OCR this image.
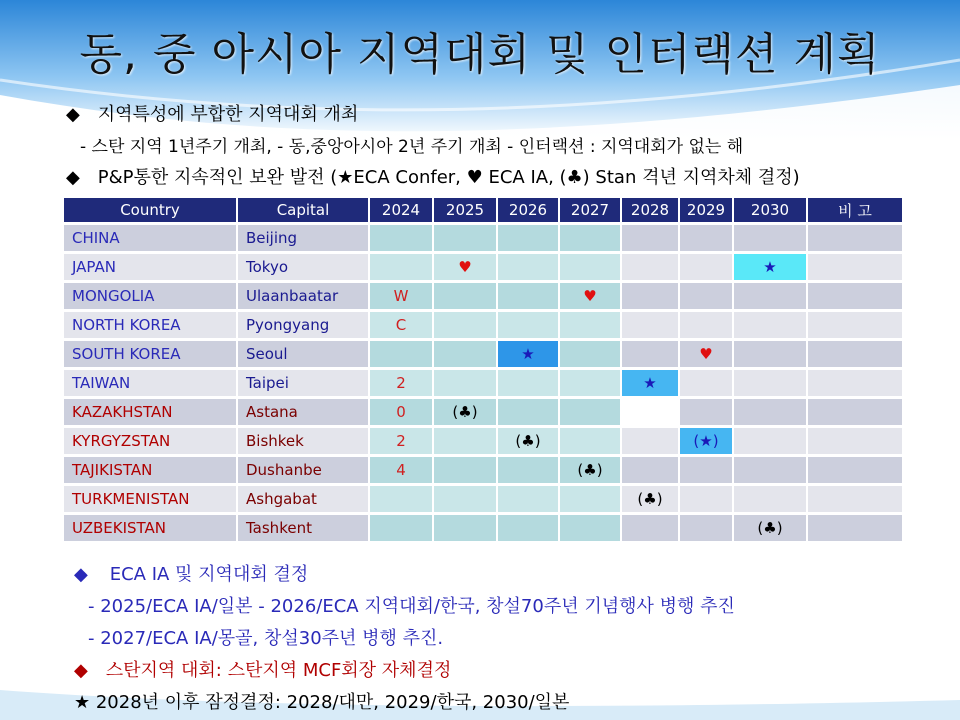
동, 중 아시아 지역대회 및 인터랙션 계획
◆ 지역특성에 부합한 지역대회 개최
- 스탄 지역 1년주기 개최, - 동,중앙아시아 2년 주기 개최 - 인터랙션 : 지역대회가 없는 해
◆ P&P통한 지속적인 보완 발전 (★ECA Confer, ♥ ECA IA, (♣) Stan 격년 지역차체 결정)
Country	Capital	2024	2025	2026	2027	2028	2029	2030	비 고
CHINA	Beijing								
JAPAN	Tokyo		♥					★	
MONGOLIA	Ulaanbaatar	W			♥				
NORTH KOREA	Pyongyang	C							
SOUTH KOREA	Seoul			★			♥		
TAIWAN	Taipei	2				★			
KAZAKHSTAN	Astana	0	(♣)						
KYRGYZSTAN	Bishkek	2		(♣)			(★)		
TAJIKISTAN	Dushanbe	4			(♣)				
TURKMENISTAN	Ashgabat					(♣)			
UZBEKISTAN	Tashkent							(♣)	
◆ ECA IA 및 지역대회 결정
- 2025/ECA IA/일본 - 2026/ECA 지역대회/한국, 창설70주년 기념행사 병행 추진
- 2027/ECA IA/몽골, 창설30주년 병행 추진.
◆ 스탄지역 대회: 스탄지역 MCF회장 자체결정
★ 2028년 이후 잠정결정: 2028/대만, 2029/한국, 2030/일본
